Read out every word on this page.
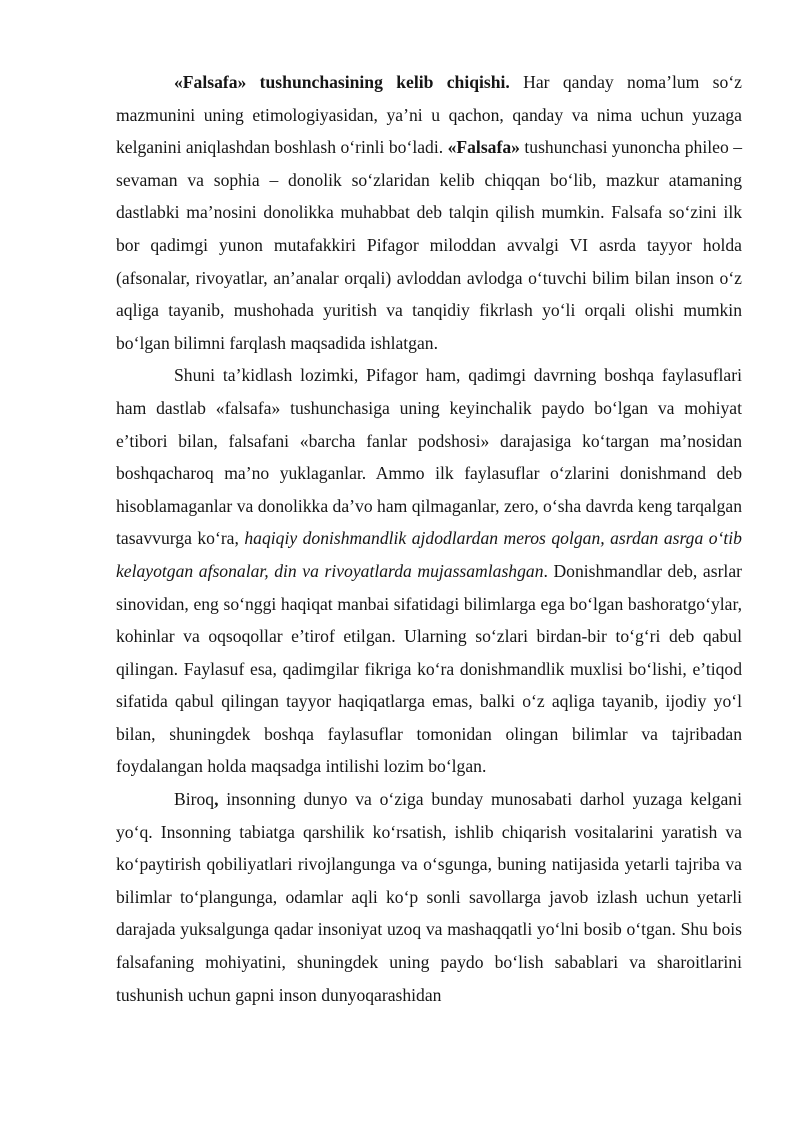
«Falsafa» tushunchasining kelib chiqishi. Har qanday noma’lum so‘z mazmunini uning etimologiyasidan, ya’ni u qachon, qanday va nima uchun yuzaga kelganini aniqlashdan boshlash o‘rinli bo‘ladi. «Falsafa» tushunchasi yunoncha phileo – sevaman va sophia – donolik so‘zlaridan kelib chiqqan bo‘lib, mazkur atamaning dastlabki ma’nosini donolikka muhabbat deb talqin qilish mumkin. Falsafa so‘zini ilk bor qadimgi yunon mutafakkiri Pifagor miloddan avvalgi VI asrda tayyor holda (afsonalar, rivoyatlar, an’analar orqali) avloddan avlodga o‘tuvchi bilim bilan inson o‘z aqliga tayanib, mushohada yuritish va tanqidiy fikrlash yo‘li orqali olishi mumkin bo‘lgan bilimni farqlash maqsadida ishlatgan.

Shuni ta’kidlash lozimki, Pifagor ham, qadimgi davrning boshqa faylasuflari ham dastlab «falsafa» tushunchasiga uning keyinchalik paydo bo‘lgan va mohiyat e’tibori bilan, falsafani «barcha fanlar podshosi» darajasiga ko‘targan ma’nosidan boshqacharoq ma’no yuklaganlar. Ammo ilk faylasuflar o‘zlarini donishmand deb hisoblamaganlar va donolikka da’vo ham qilmaganlar, zero, o‘sha davrda keng tarqalgan tasavvurga ko‘ra, haqiqiy donishmandlik ajdodlardan meros qolgan, asrdan asrga o‘tib kelayotgan afsonalar, din va rivoyatlarda mujassamlashgan. Donishmandlar deb, asrlar sinovidan, eng so‘nggi haqiqat manbai sifatidagi bilimlarga ega bo‘lgan bashoratgo‘ylar, kohinlar va oqsoqollar e’tirof etilgan. Ularning so‘zlari birdan-bir to‘g‘ri deb qabul qilingan. Faylasuf esa, qadimgilar fikriga ko‘ra donishmandlik muxlisi bo‘lishi, e’tiqod sifatida qabul qilingan tayyor haqiqatlarga emas, balki o‘z aqliga tayanib, ijodiy yo‘l bilan, shuningdek boshqa faylasuflar tomonidan olingan bilimlar va tajribadan foydalangan holda maqsadga intilishi lozim bo‘lgan.

Biroq, insonning dunyo va o‘ziga bunday munosabati darhol yuzaga kelgani yo‘q. Insonning tabiatga qarshilik ko‘rsatish, ishlib chiqarish vositalarini yaratish va ko‘paytirish qobiliyatlari rivojlangunga va o‘sgunga, buning natijasida yetarli tajriba va bilimlar to‘plangunga, odamlar aqli ko‘p sonli savollarga javob izlash uchun yetarli darajada yuksalgunga qadar insoniyat uzoq va mashaqqatli yo‘lni bosib o‘tgan. Shu bois falsafaning mohiyatini, shuningdek uning paydo bo‘lish sabablari va sharoitlarini tushunish uchun gapni inson dunyoqarashidan
